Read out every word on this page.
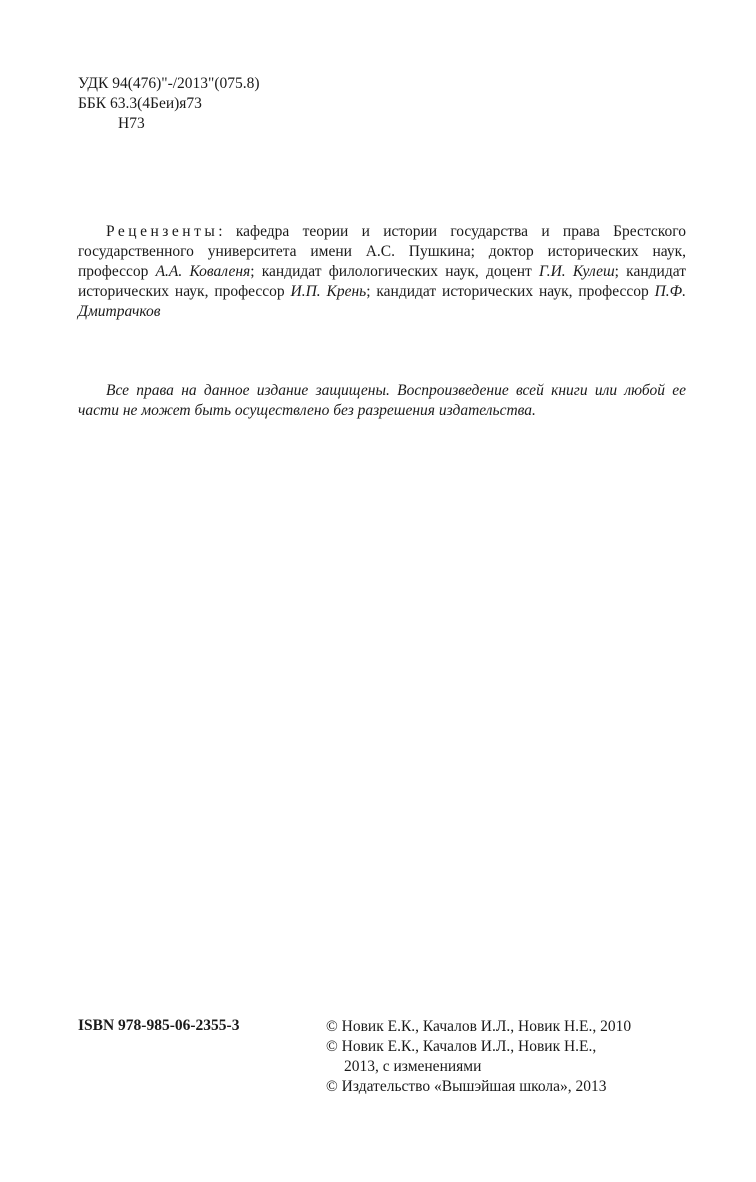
УДК 94(476)"-/2013"(075.8)
ББК 63.3(4Беи)я73
Н73

Рецензенты: кафедра теории и истории государства и права Брестского государственного университета имени А.С. Пушкина; доктор исторических наук, профессор А.А. Коваленя; кандидат филологических наук, доцент Г.И. Кулеш; кандидат исторических наук, профессор И.П. Крень; кандидат исторических наук, профессор П.Ф. Дмитрачков

Все права на данное издание защищены. Воспроизведение всей книги или любой ее части не может быть осуществлено без разрешения издательства.

ISBN 978-985-06-2355-3	© Новик Е.К., Качалов И.Л., Новик Н.Е., 2010
© Новик Е.К., Качалов И.Л., Новик Н.Е.,
2013, с изменениями
© Издательство «Вышэйшая школа», 2013
